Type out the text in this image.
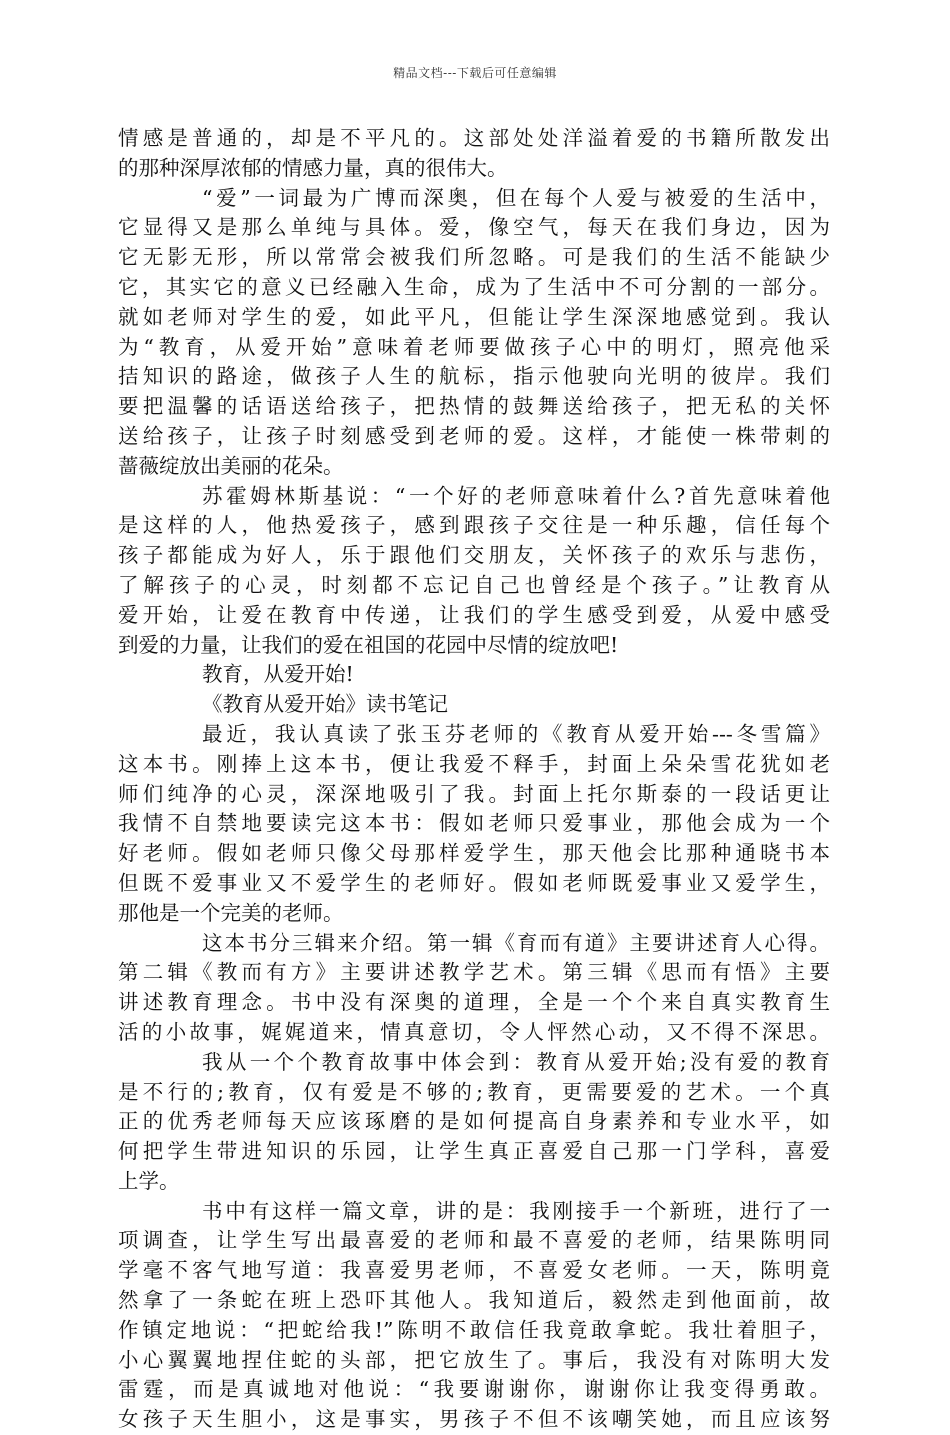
精品文档---下载后可任意编辑
情感是普通的，却是不平凡的。这部处处洋溢着爱的书籍所散发出
的那种深厚浓郁的情感力量，真的很伟大。
“爱”一词最为广博而深奥，但在每个人爱与被爱的生活中，
它显得又是那么单纯与具体。爱，像空气，每天在我们身边，因为
它无影无形，所以常常会被我们所忽略。可是我们的生活不能缺少
它，其实它的意义已经融入生命，成为了生活中不可分割的一部分。
就如老师对学生的爱，如此平凡，但能让学生深深地感觉到。我认
为“教育，从爱开始”意味着老师要做孩子心中的明灯，照亮他采
拮知识的路途，做孩子人生的航标，指示他驶向光明的彼岸。我们
要把温馨的话语送给孩子，把热情的鼓舞送给孩子，把无私的关怀
送给孩子，让孩子时刻感受到老师的爱。这样，才能使一株带刺的
蔷薇绽放出美丽的花朵。
苏霍姆林斯基说：“一个好的老师意味着什么?首先意味着他
是这样的人，他热爱孩子，感到跟孩子交往是一种乐趣，信任每个
孩子都能成为好人，乐于跟他们交朋友，关怀孩子的欢乐与悲伤，
了解孩子的心灵，时刻都不忘记自己也曾经是个孩子。”让教育从
爱开始，让爱在教育中传递，让我们的学生感受到爱，从爱中感受
到爱的力量，让我们的爱在祖国的花园中尽情的绽放吧!
教育，从爱开始!
《教育从爱开始》读书笔记
最近，我认真读了张玉芬老师的《教育从爱开始---冬雪篇》
这本书。刚捧上这本书，便让我爱不释手，封面上朵朵雪花犹如老
师们纯净的心灵，深深地吸引了我。封面上托尔斯泰的一段话更让
我情不自禁地要读完这本书：假如老师只爱事业，那他会成为一个
好老师。假如老师只像父母那样爱学生，那天他会比那种通晓书本
但既不爱事业又不爱学生的老师好。假如老师既爱事业又爱学生，
那他是一个完美的老师。
这本书分三辑来介绍。第一辑《育而有道》主要讲述育人心得。
第二辑《教而有方》主要讲述教学艺术。第三辑《思而有悟》主要
讲述教育理念。书中没有深奥的道理，全是一个个来自真实教育生
活的小故事，娓娓道来，情真意切，令人怦然心动，又不得不深思。
我从一个个教育故事中体会到：教育从爱开始;没有爱的教育
是不行的;教育，仅有爱是不够的;教育，更需要爱的艺术。一个真
正的优秀老师每天应该琢磨的是如何提高自身素养和专业水平，如
何把学生带进知识的乐园，让学生真正喜爱自己那一门学科，喜爱
上学。
书中有这样一篇文章，讲的是：我刚接手一个新班，进行了一
项调查，让学生写出最喜爱的老师和最不喜爱的老师，结果陈明同
学毫不客气地写道：我喜爱男老师，不喜爱女老师。一天，陈明竟
然拿了一条蛇在班上恐吓其他人。我知道后，毅然走到他面前，故
作镇定地说：“把蛇给我!”陈明不敢信任我竟敢拿蛇。我壮着胆子，
小心翼翼地捏住蛇的头部，把它放生了。事后，我没有对陈明大发
雷霆，而是真诚地对他说：“我要谢谢你，谢谢你让我变得勇敢。
女孩子天生胆小，这是事实，男孩子不但不该嘲笑她，而且应该努
